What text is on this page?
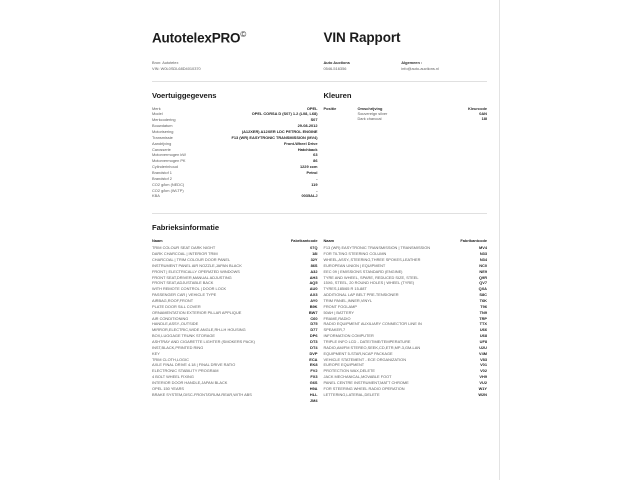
AutotelexPRO©	VIN Rapport
Bron: Autotelex
VIN: W0L0SDL68D4010370
Auto Auctions
0546-516356
Algemeen :
info@auto-auctions.nl
Voertuiggegevens
Merk	OPEL
Model	OPEL CORSA D (S07) 1.2 (L08, L68)
Merkcodering	S07
Bouwdatum	29-08-2012
Motorisering	(A12XER) A12XER LDC PETROL ENGINE
Transmissie	F13 (WR) EASYTRONIC TRANSMISSION (MV4)
Aandrijving	Front-Wheel Drive
Carosserie	Hatchback
Motorvermogen kW	63
Motorvermogen PK	86
Cylinderinhoud	1229 ccm
Brandstof 1	Petrol
Brandstof 2	-
CO2 g/km (NEDC)	119
CO2 g/km (WLTP)	-
KBA	0035ALJ
Kleuren
Positie	Omschrijving	Kleurcode
	Souvereign silver	0AN
	Dark charcoal	18I
Fabrieksinformatie
Naam	Fabrikantcode
TRIM COLOUR SEAT DARK NIGHT	07Q
DARK CHARCOAL | INTERIOR TRIM	18I
CHARCOAL | TRIM COLOUR DOOR PANEL	32Y
INSTRUMENT PANEL AIR NOZZLE,JAPAN BLACK	86S
FRONT | ELECTRICALLY OPERATED WINDOWS	A32
FRONT SEAT,DRIVER,MANUAL ADJUSTING	AH3
FRONT SEAT,ADJUSTABLE BACK	AQ5
WITH REMOTE CONTROL | DOOR LOCK	AU0
PASSENGER CAR | VEHICLE TYPE	AX3
AIRBAG,ROOF,FRONT	AY0
PLATE DOOR SILL COVER	B9K
ORNAMENTATION EXTERIOR PILLAR APPLIQUE	BW7
AIR CONDITIONING	C60
HANDLE,ASSY.,OUTSIDE	D75
MIRROR,ELECTRIC,WIDE ANGLE,RH-LH HOUSING	D77
BOX,LUGGAGE TRUNK STORAGE	DP6
ASHTRAY AND CIGARETTE LIGHTER (SMOKERS PACK)	DT3
INST,BLACK,PRINTED RING	DT4
KEY	DVP
TRIM CLOTH,LOGIC	ECA
AXLE FINAL DRIVE 4.18 | FINAL DRIVE RATIO	EK8
ELECTRONIC STABILITY PROGRAM	FV2
4 BOLT WHEEL FIXING	FX3
INTERIOR DOOR HANDLE,JAPAN BLACK	G6S
OPEL 150 YEARS	H9A
BRAKE SYSTEM,DISC-FRONT/DRUM-REAR,WITH ABS	HLL
	JM4
Naam	Fabrikantcode
F13 (WR) EASYTRONIC TRANSMISSION | TRANSMISSION	MV4
FOR TILTING STEERING COLUMN	N33
WHEEL,ASSY.,STEERING,THREE SPOKES,LEATHER	N34
EUROPEAN UNION | EQUIPMENT	NC0
EEC 09 | EMISSIONS STANDARD (ENGINE)	NE9
TYRE AND WHEEL, SPARE, REDUCED SIZE, STEEL	Q9R
15X6, STEEL, 20 ROUND HOLES | WHEEL (TYRE)	QV7
TYRES,185/65 R 15-88T	QXA
ADDITIONAL LAP BELT PRE-TENSIONER	S8C
TRIM PANEL,INNER,VINYL	T6K
FRONT FOGLAMP	T96
50AH | BATTERY	TN9
FRAME,RADIO	TRP
RADIO EQUIPMENT AUXILIARY CONNECTOR LINE IN	TTX
SPEAKER,7	U66
INFORMATION COMPUTER	U68
TRIPLE INFO LCD - DATE/TIME/TEMPERATURE	UF8
RADIO,AM/FM STEREO,SEEK,CD,ETR,MP-3,GM-LAN	U2U
EQUIPMENT 5-STAR,NCAP PACKAGE	V4M
VEHICLE STATEMENT - ECE ORGANIZATION	V83
EUROPE EQUIPMENT	V01
PROTECTION WAX,DELETE	V02
JACK MECHANICAL,MOVABLE FOOT	VH9
PANEL CENTRE INSTRUMENT,MATT CHROME	VU2
FOR STEERING WHEEL RADIO OPERATION	W1Y
LETTERING,LATERAL,DELETE	W2N
